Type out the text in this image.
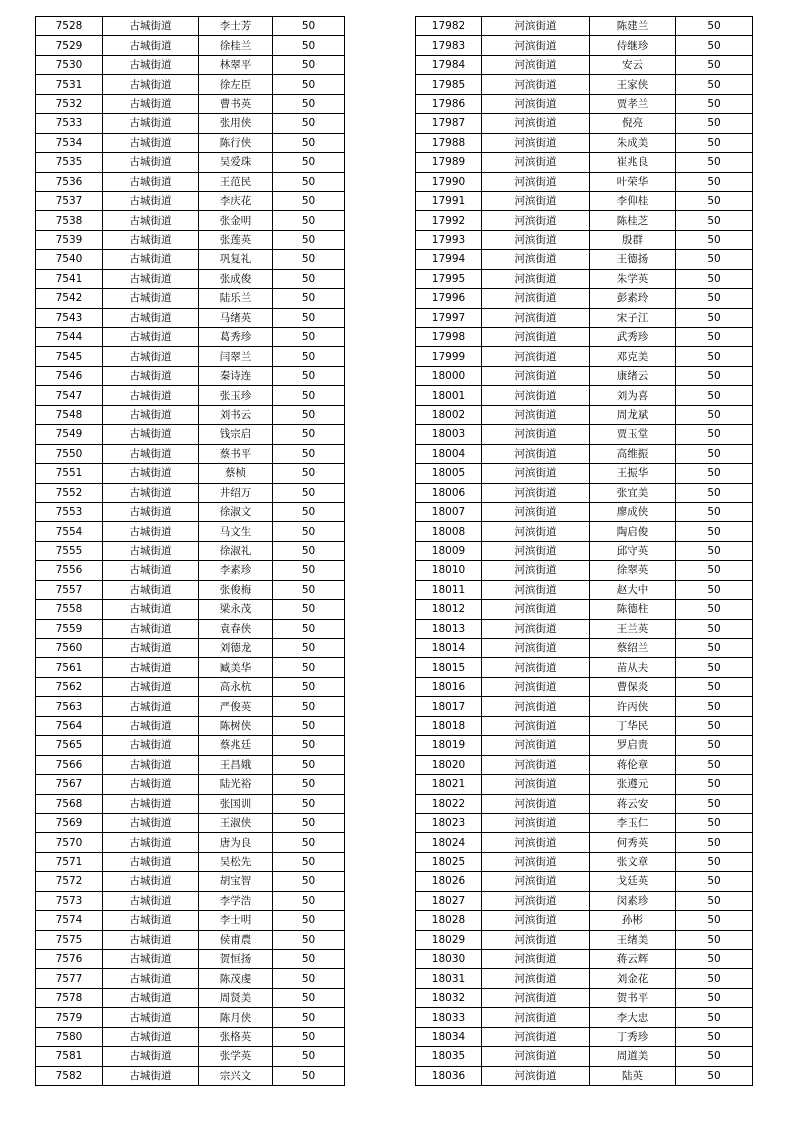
7528	古城街道	李士芳	50
7529	古城街道	徐桂兰	50
7530	古城街道	林翠平	50
7531	古城街道	徐左臣	50
7532	古城街道	曹书英	50
7533	古城街道	张用侠	50
7534	古城街道	陈行侠	50
7535	古城街道	吴爱珠	50
7536	古城街道	王范民	50
7537	古城街道	李庆花	50
7538	古城街道	张金明	50
7539	古城街道	张莲英	50
7540	古城街道	巩复礼	50
7541	古城街道	张成俊	50
7542	古城街道	陆乐兰	50
7543	古城街道	马绪英	50
7544	古城街道	葛秀珍	50
7545	古城街道	闫翠兰	50
7546	古城街道	秦诗连	50
7547	古城街道	张玉珍	50
7548	古城街道	刘书云	50
7549	古城街道	钱宗启	50
7550	古城街道	蔡书平	50
7551	古城街道	蔡桢	50
7552	古城街道	井绍万	50
7553	古城街道	徐淑文	50
7554	古城街道	马文生	50
7555	古城街道	徐淑礼	50
7556	古城街道	李素珍	50
7557	古城街道	张俊梅	50
7558	古城街道	梁永茂	50
7559	古城街道	袁春侠	50
7560	古城街道	刘德龙	50
7561	古城街道	臧美华	50
7562	古城街道	高永杭	50
7563	古城街道	严俊英	50
7564	古城街道	陈树侠	50
7565	古城街道	蔡兆廷	50
7566	古城街道	王昌娥	50
7567	古城街道	陆光裕	50
7568	古城街道	张国训	50
7569	古城街道	王淑侠	50
7570	古城街道	唐为良	50
7571	古城街道	吴松先	50
7572	古城街道	胡宝智	50
7573	古城街道	李学浩	50
7574	古城街道	李士明	50
7575	古城街道	侯甫農	50
7576	古城街道	贺恒扬	50
7577	古城街道	陈茂虔	50
7578	古城街道	周贤美	50
7579	古城街道	陈月侠	50
7580	古城街道	张格英	50
7581	古城街道	张学英	50
7582	古城街道	宗兴文	50
17982	河滨街道	陈建兰	50
17983	河滨街道	侍继珍	50
17984	河滨街道	安云	50
17985	河滨街道	王家侠	50
17986	河滨街道	贾孝兰	50
17987	河滨街道	倪亮	50
17988	河滨街道	朱成美	50
17989	河滨街道	崔兆良	50
17990	河滨街道	叶荣华	50
17991	河滨街道	李仰桂	50
17992	河滨街道	陈桂芝	50
17993	河滨街道	殷群	50
17994	河滨街道	王德扬	50
17995	河滨街道	朱学英	50
17996	河滨街道	彭素玲	50
17997	河滨街道	宋子江	50
17998	河滨街道	武秀珍	50
17999	河滨街道	邓克美	50
18000	河滨街道	康绪云	50
18001	河滨街道	刘为喜	50
18002	河滨街道	周龙斌	50
18003	河滨街道	贾玉堂	50
18004	河滨街道	高维振	50
18005	河滨街道	王振华	50
18006	河滨街道	张宜美	50
18007	河滨街道	廖成侠	50
18008	河滨街道	陶启俊	50
18009	河滨街道	邱守英	50
18010	河滨街道	徐翠英	50
18011	河滨街道	赵大中	50
18012	河滨街道	陈德柱	50
18013	河滨街道	王兰英	50
18014	河滨街道	蔡绍兰	50
18015	河滨街道	苗从夫	50
18016	河滨街道	曹保炎	50
18017	河滨街道	许丙侠	50
18018	河滨街道	丁华民	50
18019	河滨街道	罗启贵	50
18020	河滨街道	蒋伦章	50
18021	河滨街道	张遵元	50
18022	河滨街道	蒋云安	50
18023	河滨街道	李玉仁	50
18024	河滨街道	何秀英	50
18025	河滨街道	张文章	50
18026	河滨街道	戈廷英	50
18027	河滨街道	闵素珍	50
18028	河滨街道	孙彬	50
18029	河滨街道	王绪美	50
18030	河滨街道	蒋云辉	50
18031	河滨街道	刘金花	50
18032	河滨街道	贺书平	50
18033	河滨街道	李大忠	50
18034	河滨街道	丁秀珍	50
18035	河滨街道	周道美	50
18036	河滨街道	陆英	50
